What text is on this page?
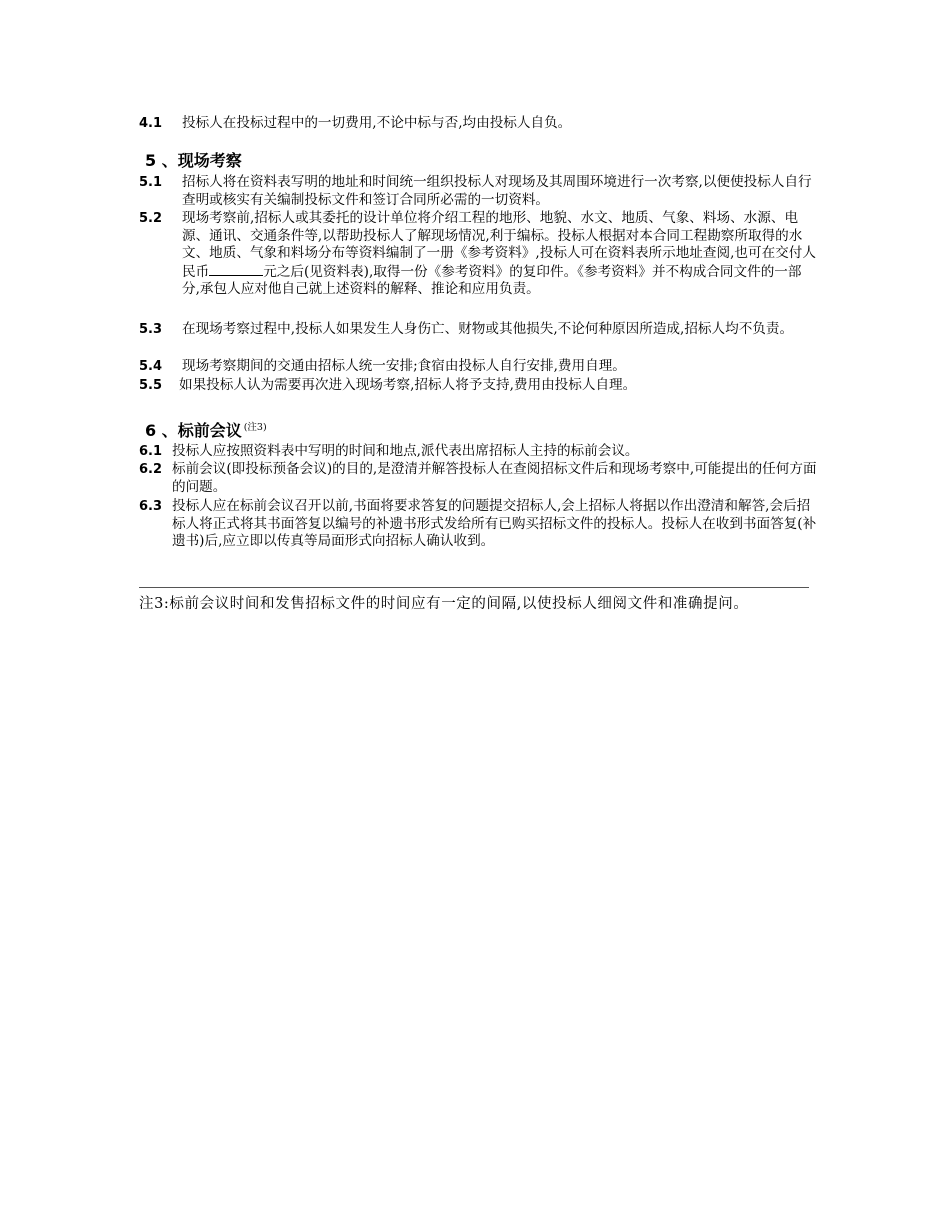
4.1	投标人在投标过程中的一切费用,不论中标与否,均由投标人自负。
5 、现场考察
5.1	招标人将在资料表写明的地址和时间统一组织投标人对现场及其周围环境进行一次考察,以便使投标人自行查明或核实有关编制投标文件和签订合同所必需的一切资料。
5.2	现场考察前,招标人或其委托的设计单位将介绍工程的地形、地貌、水文、地质、气象、料场、水源、电源、通讯、交通条件等,以帮助投标人了解现场情况,利于编标。投标人根据对本合同工程勘察所取得的水文、地质、气象和料场分布等资料编制了一册《参考资料》,投标人可在资料表所示地址查阅,也可在交付人民币	元之后(见资料表),取得一份《参考资料》的复印件。《参考资料》并不构成合同文件的一部分,承包人应对他自己就上述资料的解释、推论和应用负责。
5.3	在现场考察过程中,投标人如果发生人身伤亡、财物或其他损失,不论何种原因所造成,招标人均不负责。
5.4	现场考察期间的交通由招标人统一安排;食宿由投标人自行安排,费用自理。
5.5	如果投标人认为需要再次进入现场考察,招标人将予支持,费用由投标人自理。
6 、标前会议 $^{(注3)}$
6.1 投标人应按照资料表中写明的时间和地点,派代表出席招标人主持的标前会议。
6.2 标前会议(即投标预备会议)的目的,是澄清并解答投标人在查阅招标文件后和现场考察中,可能提出的任何方面的问题。
6.3 投标人应在标前会议召开以前,书面将要求答复的问题提交招标人,会上招标人将据以作出澄清和解答,会后招标人将正式将其书面答复以编号的补遗书形式发给所有已购买招标文件的投标人。投标人在收到书面答复(补遗书)后,应立即以传真等局面形式向招标人确认收到。
注3:标前会议时间和发售招标文件的时间应有一定的间隔,以使投标人细阅文件和准确提问。
